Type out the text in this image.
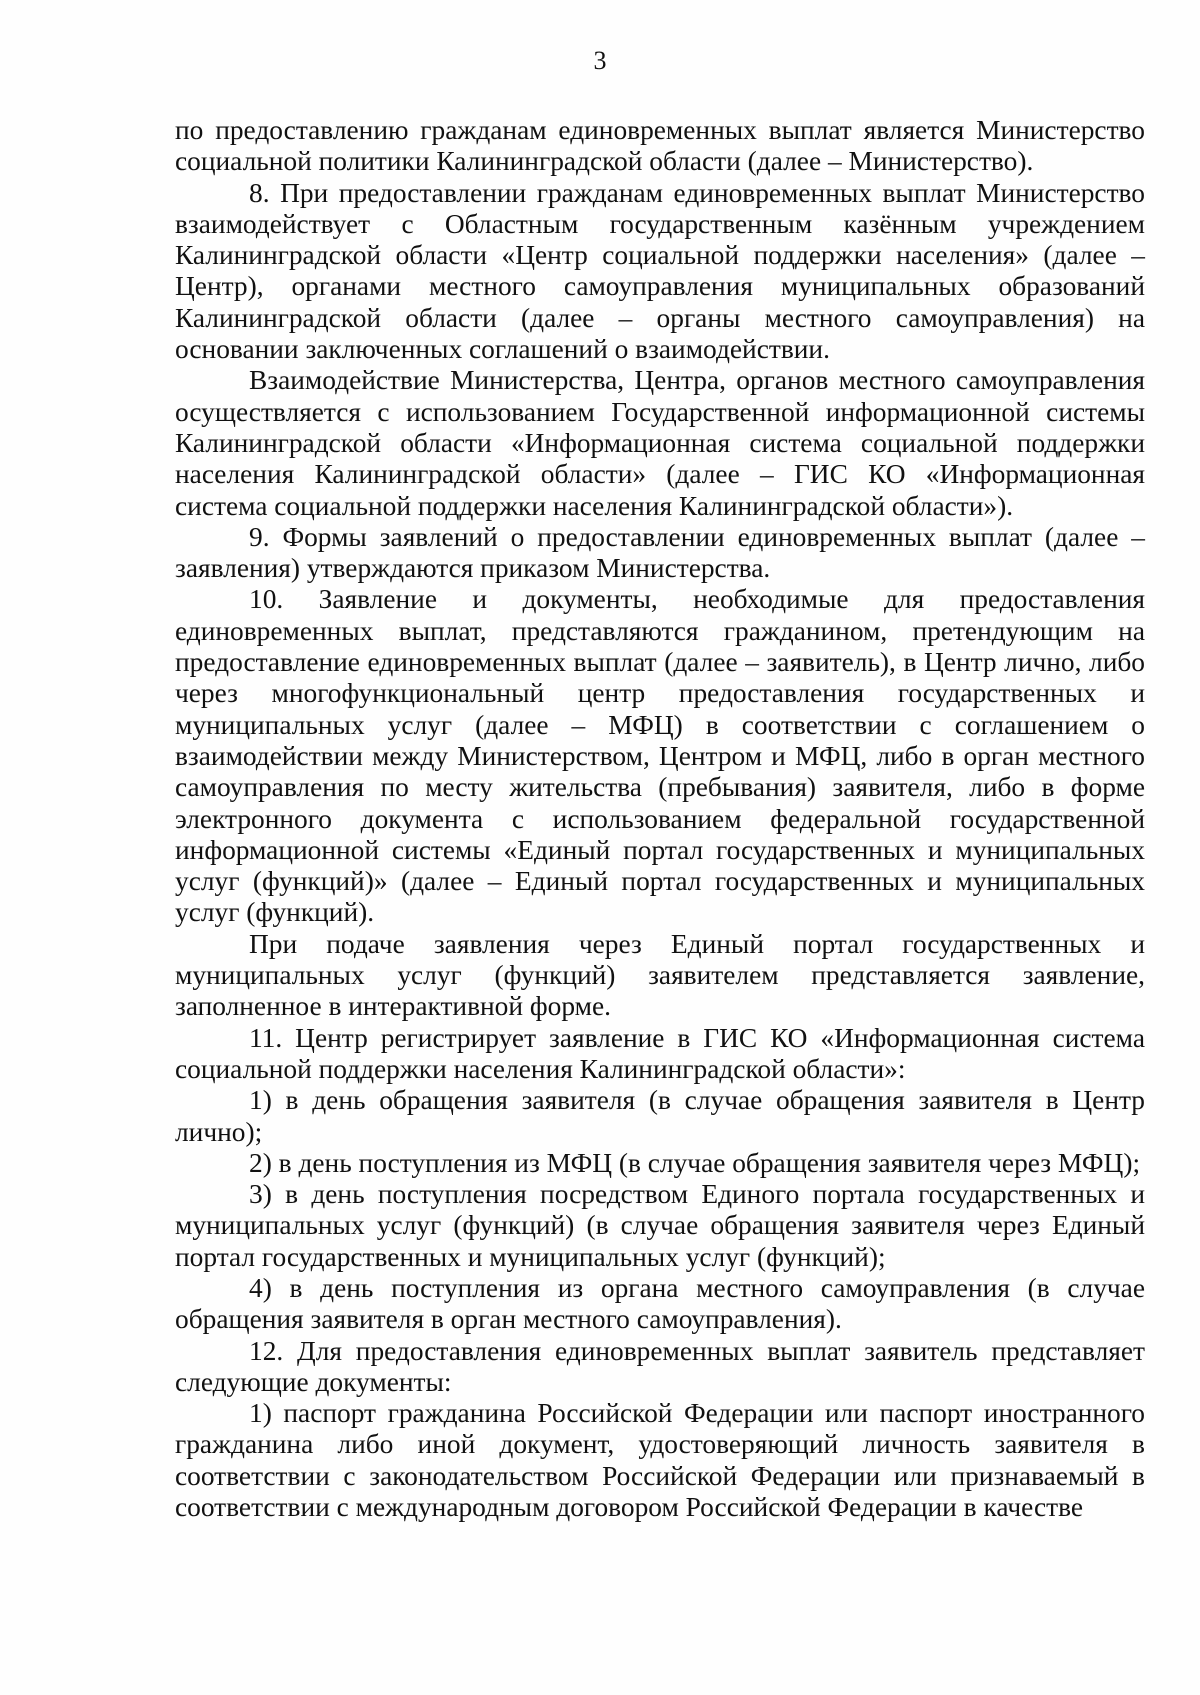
3

по предоставлению гражданам единовременных выплат является Министерство социальной политики Калининградской области (далее – Министерство).

8. При предоставлении гражданам единовременных выплат Министерство взаимодействует с Областным государственным казённым учреждением Калининградской области «Центр социальной поддержки населения» (далее – Центр), органами местного самоуправления муниципальных образований Калининградской области (далее – органы местного самоуправления) на основании заключенных соглашений о взаимодействии.

Взаимодействие Министерства, Центра, органов местного самоуправления осуществляется с использованием Государственной информационной системы Калининградской области «Информационная система социальной поддержки населения Калининградской области» (далее – ГИС КО «Информационная система социальной поддержки населения Калининградской области»).

9. Формы заявлений о предоставлении единовременных выплат (далее – заявления) утверждаются приказом Министерства.

10. Заявление и документы, необходимые для предоставления единовременных выплат, представляются гражданином, претендующим на предоставление единовременных выплат (далее – заявитель), в Центр лично, либо через многофункциональный центр предоставления государственных и муниципальных услуг (далее – МФЦ) в соответствии с соглашением о взаимодействии между Министерством, Центром и МФЦ, либо в орган местного самоуправления по месту жительства (пребывания) заявителя, либо в форме электронного документа с использованием федеральной государственной информационной системы «Единый портал государственных и муниципальных услуг (функций)» (далее – Единый портал государственных и муниципальных услуг (функций).

При подаче заявления через Единый портал государственных и муниципальных услуг (функций) заявителем представляется заявление, заполненное в интерактивной форме.

11. Центр регистрирует заявление в ГИС КО «Информационная система социальной поддержки населения Калининградской области»:

1) в день обращения заявителя (в случае обращения заявителя в Центр лично);

2) в день поступления из МФЦ (в случае обращения заявителя через МФЦ);

3) в день поступления посредством Единого портала государственных и муниципальных услуг (функций) (в случае обращения заявителя через Единый портал государственных и муниципальных услуг (функций);

4) в день поступления из органа местного самоуправления (в случае обращения заявителя в орган местного самоуправления).

12. Для предоставления единовременных выплат заявитель представляет следующие документы:

1) паспорт гражданина Российской Федерации или паспорт иностранного гражданина либо иной документ, удостоверяющий личность заявителя в соответствии с законодательством Российской Федерации или признаваемый в соответствии с международным договором Российской Федерации в качестве
